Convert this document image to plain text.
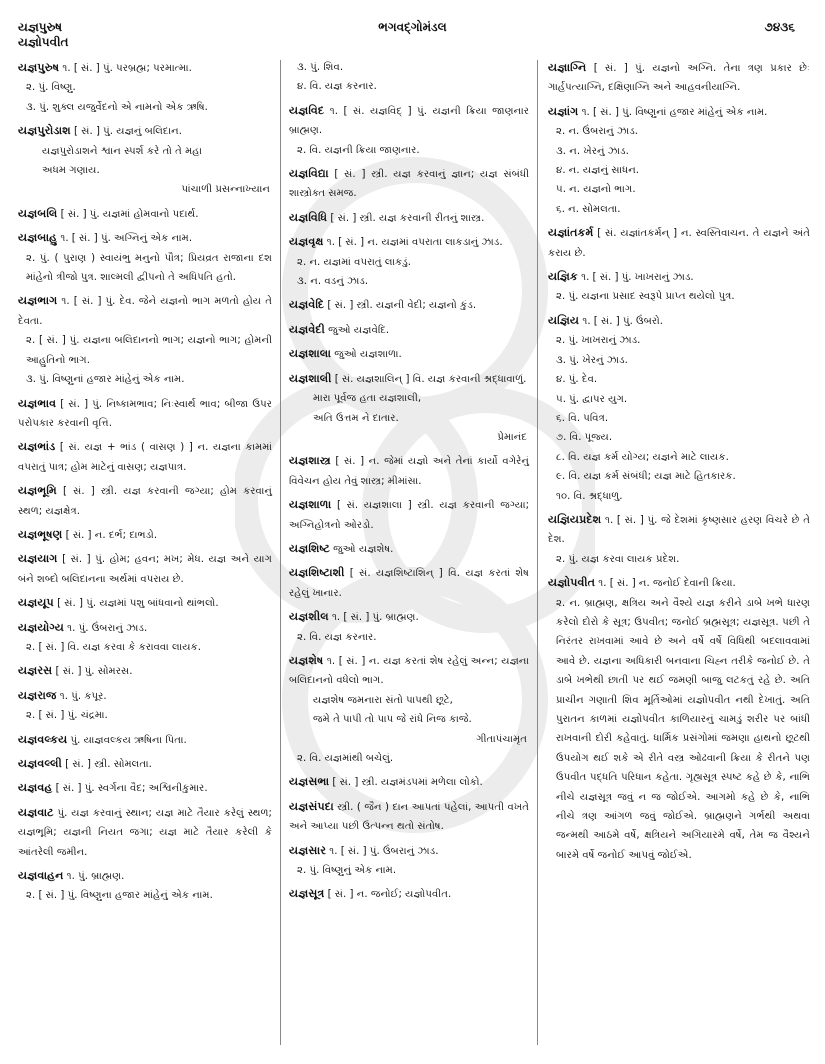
યજ્ઞપુરુષ
યજ્ઞોપવીત
ભગવદ્ગોમંડલ	૭૪૩૬
યજ્ઞપુરુષ ૧. [ સં. ] પું. પરબ્રહ્મ; પરમાત્મા.
૨. પું. વિષ્ણુ.
૩. પું. શુક્લ યજુર્વેદનો એ નામનો એક ઋષિ.
યજ્ઞપુરોડાશ [ સં. ] પું. યજ્ઞનું બલિદાન.
યજ્ઞપુરોડાશને શ્વાન સ્પર્શ કરે તો તે મહા
અધમ ગણાય.
પાંચાળી પ્રસન્નાખ્યાન
યજ્ઞબલિ [ સં. ] પું. યજ્ઞમાં હોમવાનો પદાર્થ.
યજ્ઞબાહુ ૧. [ સં. ] પું. અગ્નિનું એક નામ.
૨. પું. ( પુરાણ ) સ્વાયંભુ મનુનો પૌત્ર; પ્રિયવ્રત રાજાના દશ માંહેનો ત્રીજો પુત્ર. શાલ્મલી દ્વીપનો તે અધિપતિ હતો.
યજ્ઞભાગ ૧. [ સં. ] પું. દેવ. જેને યજ્ઞનો ભાગ મળતો હોય તે દેવતા.
૨. [ સં. ] પું. યજ્ઞના બલિદાનનો ભાગ; યજ્ઞનો ભાગ; હોમની આહુતિનો ભાગ.
૩. પું. વિષ્ણુનાં હજાર માંહેનું એક નામ.
યજ્ઞભાવ [ સં. ] પું. નિષ્કામભાવ; નિઃસ્વાર્થ ભાવ; બીજા ઉપર પરોપકાર કરવાની વૃત્તિ.
યજ્ઞભાંડ [ સં. યજ્ઞ + ભાંડ ( વાસણ ) ] ન. યજ્ઞના કામમાં વપરાતું પાત્ર; હોમ માટેનું વાસણ; યજ્ઞપાત્ર.
યજ્ઞભૂમિ [ સં. ] સ્ત્રી. યજ્ઞ કરવાની જગ્યા; હોમ કરવાનું સ્થળ; યજ્ઞક્ષેત્ર.
યજ્ઞભૂષણ [ સં. ] ન. દર્ભ; દાભડો.
યજ્ઞયાગ [ સં. ] પું. હોમ; હવન; મખ; મેધ. યજ્ઞ અને યાગ બંને શબ્દો બલિદાનના અર્થમાં વપરાય છે.
યજ્ઞયૂપ [ સં. ] પું. યજ્ઞમાં પશુ બાંધવાનો થાંભલો.
યજ્ઞયોગ્ય ૧. પું. ઉંબરાનું ઝાડ.
૨. [ સં. ] વિ. યજ્ઞ કરવા કે કરાવવા લાયક.
યજ્ઞરસ [ સં. ] પું. સોમરસ.
યજ્ઞરાજ ૧. પું. કપૂર.
૨. [ સં. ] પું. ચંદ્રમા.
યજ્ઞવલ્કય પું. યાજ્ઞવલ્કય ઋષિના પિતા.
યજ્ઞવલ્લી [ સં. ] સ્ત્રી. સોમલતા.
યજ્ઞવહ [ સં. ] પું. સ્વર્ગના વૈદ; અશ્વિનીકુમાર.
યજ્ઞવાટ પું. યજ્ઞ કરવાનું સ્થાન; યજ્ઞ માટે તૈયાર કરેલું સ્થળ; યજ્ઞભૂમિ; યજ્ઞની નિયત જગા; યજ્ઞ માટે તૈયાર કરેલી કે આંતરેલી જમીન.
યજ્ઞવાહન ૧. પું. બ્રાહ્મણ.
૨. [ સં. ] પું. વિષ્ણુના હજાર માંહેનું એક નામ.
૩. પું. શિવ.
૪. વિ. યજ્ઞ કરનાર.
યજ્ઞવિદ ૧. [ સં. યજ્ઞવિદ્ ] પું. યજ્ઞની ક્રિયા જાણનાર બ્રાહ્મણ.
૨. વિ. યજ્ઞની ક્રિયા જાણનાર.
યજ્ઞવિદ્યા [ સં. ] સ્ત્રી. યજ્ઞ કરવાનું જ્ઞાન; યજ્ઞ સંબંધી શાસ્ત્રોક્ત સમજ.
યજ્ઞવિધિ [ સં. ] સ્ત્રી. યજ્ઞ કરવાની રીતનું શાસ્ત્ર.
યજ્ઞવૃક્ષ ૧. [ સં. ] ન. યજ્ઞમાં વપરાતા લાકડાનું ઝાડ.
૨. ન. યજ્ઞમાં વપરાતું લાકડું.
૩. ન. વડનું ઝાડ.
યજ્ઞવેદિ [ સં. ] સ્ત્રી. યજ્ઞની વેદી; યજ્ઞનો કુંડ.
યજ્ઞવેદી જુઓ યજ્ઞવેદિ.
યજ્ઞશાલા જુઓ યજ્ઞશાળા.
યજ્ઞશાલી [ સં. યજ્ઞશાલિન્ ] વિ. યજ્ઞ કરવાની શ્રદ્ધાવાળું.
મારા પૂર્વજ હતા યજ્ઞશાલી,
અતિ ઉત્તમ ને દાતાર.
પ્રેમાનંદ
યજ્ઞશાસ્ત્ર [ સં. ] ન. જેમાં યજ્ઞો અને તેનાં કાર્યો વગેરેનું વિવેચન હોય તેવું શાસ્ત્ર; મીમાંસા.
યજ્ઞશાળા [ સં. યજ્ઞશાલા ] સ્ત્રી. યજ્ઞ કરવાની જગ્યા; અગ્નિહોત્રનો ઓરડો.
યજ્ઞશિષ્ટ જુઓ યજ્ઞશેષ.
યજ્ઞશિષ્ટાશી [ સં. યજ્ઞશિષ્ટાશિન્ ] વિ. યજ્ઞ કરતાં શેષ રહેલું ખાનાર.
યજ્ઞશીલ ૧. [ સં. ] પું. બ્રાહ્મણ.
૨. વિ. યજ્ઞ કરનાર.
યજ્ઞશેષ ૧. [ સં. ] ન. યજ્ઞ કરતાં શેષ રહેલું અન્ન; યજ્ઞના બલિદાનનો વધેલો ભાગ.
યજ્ઞશેષ જમનારા સંતો પાપથી છૂટે,
જમે તે પાપી તો પાપ જે રાંધે નિજ કાજે.
ગીતાપંચામૃત
૨. વિ. યજ્ઞમાંથી બચેલું.
યજ્ઞસભા [ સં. ] સ્ત્રી. યજ્ઞમંડપમાં મળેલા લોકો.
યજ્ઞસંપદા સ્ત્રી. ( જૈન ) દાન આપતાં પહેલાં, આપતી વખતે અને આપ્યા પછી ઉત્પન્ન થતો સંતોષ.
યજ્ઞસાર ૧. [ સં. ] પું. ઉંબરાનું ઝાડ.
૨. પું. વિષ્ણુનું એક નામ.
યજ્ઞસૂત્ર [ સં. ] ન. જનોઈ; યજ્ઞોપવીત.
યજ્ઞાગ્નિ [ સં. ] પું. યજ્ઞનો અગ્નિ. તેના ત્રણ પ્રકાર છેઃ ગાર્હપત્યાગ્નિ, દક્ષિણાગ્નિ અને આહવનીયાગ્નિ.
યજ્ઞાંગ ૧. [ સં. ] પું. વિષ્ણુનાં હજાર માંહેનું એક નામ.
૨. ન. ઉંબરાનું ઝાડ.
૩. ન. ખેરનું ઝાડ.
૪. ન. યજ્ઞનું સાધન.
૫. ન. યજ્ઞનો ભાગ.
૬. ન. સોમલતા.
યજ્ઞાંતકર્મ [ સં. યજ્ઞાંતકર્મન્ ] ન. સ્વસ્તિવાચન. તે યજ્ઞને અંતે કરાય છે.
યજ્ઞિક ૧. [ સં. ] પું. ખાખરાનું ઝાડ.
૨. પું. યજ્ઞના પ્રસાદ સ્વરૂપે પ્રાપ્ત થયેલો પુત્ર.
યજ્ઞિય ૧. [ સં. ] પું. ઉંબરો.
૨. પું. ખાખરાનું ઝાડ.
૩. પું. ખેરનું ઝાડ.
૪. પું. દેવ.
૫. પું. દ્વાપર યુગ.
૬. વિ. પવિત્ર.
૭. વિ. પૂજ્ય.
૮. વિ. યજ્ઞ કર્મ યોગ્ય; યજ્ઞને માટે લાયક.
૯. વિ. યજ્ઞ કર્મ સંબંધી; યજ્ઞ માટે હિતકારક.
૧૦. વિ. શ્રદ્ધાળુ.
યજ્ઞિયપ્રદેશ ૧. [ સં. ] પું. જે દેશમાં કૃષ્ણસાર હરણ વિચરે છે તે દેશ.
૨. પું. યજ્ઞ કરવા લાયક પ્રદેશ.
યજ્ઞોપવીત ૧. [ સં. ] ન. જનોઈ દેવાની ક્રિયા.
૨. ન. બ્રાહ્મણ, ક્ષત્રિય અને વૈશ્યે યજ્ઞ કરીને ડાબે ખભે ધારણ કરેલો દોરો કે સૂત્ર; ઉપવીત; જનોઈ બ્રહ્મસૂત્ર; યજ્ઞસૂત્ર. પછી તે નિરંતર રાખવામાં આવે છે અને વર્ષે વર્ષે વિધિથી બદલાવવામાં આવે છે. યજ્ઞના અધિકારી બનવાના ચિહ્ન તરીકે જનોઈ છે. તે ડાબે ખભેથી છાતી પર થઈ જમણી બાજુ લટકતું રહે છે. અતિ પ્રાચીન ગણાતી શિવ મૂર્તિઓમાં યજ્ઞોપવીત નથી દેખાતું. અતિ પુરાતન કાળમાં યજ્ઞોપવીત કાળિયારનું ચામડું શરીર પર બાંધી રાખવાની દોરી કહેવાતું. ધાર્મિક પ્રસંગોમાં જમણા હાથનો છૂટથી ઉપયોગ થઈ શકે એ રીતે વસ્ત્ર ઓઢવાની ક્રિયા કે રીતને પણ ઉપવીત પદ્ધતિ પરિધાન કહેતા. ગૃહ્યસૂત્ર સ્પષ્ટ કહે છે કે, નાભિ નીચે યજ્ઞસૂત્ર જવું ન જ જોઈએ. આગમો કહે છે કે, નાભિ નીચે ત્રણ આંગળ જવું જોઈએ. બ્રાહ્મણને ગર્ભથી અથવા જન્મથી આઠમે વર્ષે, ક્ષત્રિયને અગિયારમે વર્ષે, તેમ જ વૈશ્યને બારમે વર્ષે જનોઈ આપવું જોઈએ.
